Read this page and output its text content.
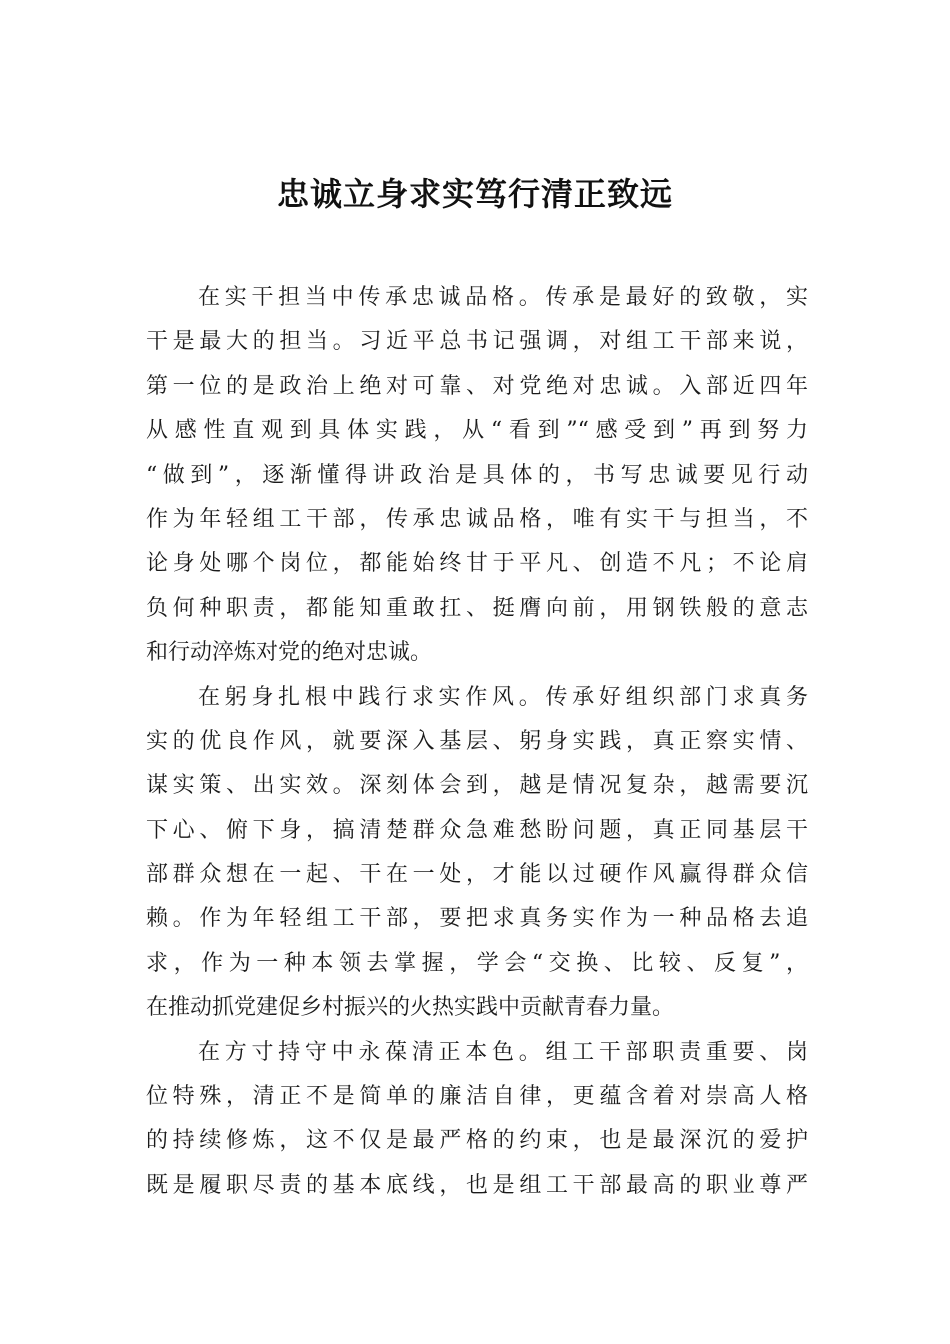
忠诚立身求实笃行清正致远
在实干担当中传承忠诚品格。传承是最好的致敬，实
干是最大的担当。习近平总书记强调，对组工干部来说，
第一位的是政治上绝对可靠、对党绝对忠诚。入部近四年
从感性直观到具体实践，从“看到”“感受到”再到努力
“做到”，逐渐懂得讲政治是具体的，书写忠诚要见行动
作为年轻组工干部，传承忠诚品格，唯有实干与担当，不
论身处哪个岗位，都能始终甘于平凡、创造不凡；不论肩
负何种职责，都能知重敢扛、挺膺向前，用钢铁般的意志
和行动淬炼对党的绝对忠诚。
在躬身扎根中践行求实作风。传承好组织部门求真务
实的优良作风，就要深入基层、躬身实践，真正察实情、
谋实策、出实效。深刻体会到，越是情况复杂，越需要沉
下心、俯下身，搞清楚群众急难愁盼问题，真正同基层干
部群众想在一起、干在一处，才能以过硬作风赢得群众信
赖。作为年轻组工干部，要把求真务实作为一种品格去追
求，作为一种本领去掌握，学会“交换、比较、反复”，
在推动抓党建促乡村振兴的火热实践中贡献青春力量。
在方寸持守中永葆清正本色。组工干部职责重要、岗
位特殊，清正不是简单的廉洁自律，更蕴含着对崇高人格
的持续修炼，这不仅是最严格的约束，也是最深沉的爱护
既是履职尽责的基本底线，也是组工干部最高的职业尊严
